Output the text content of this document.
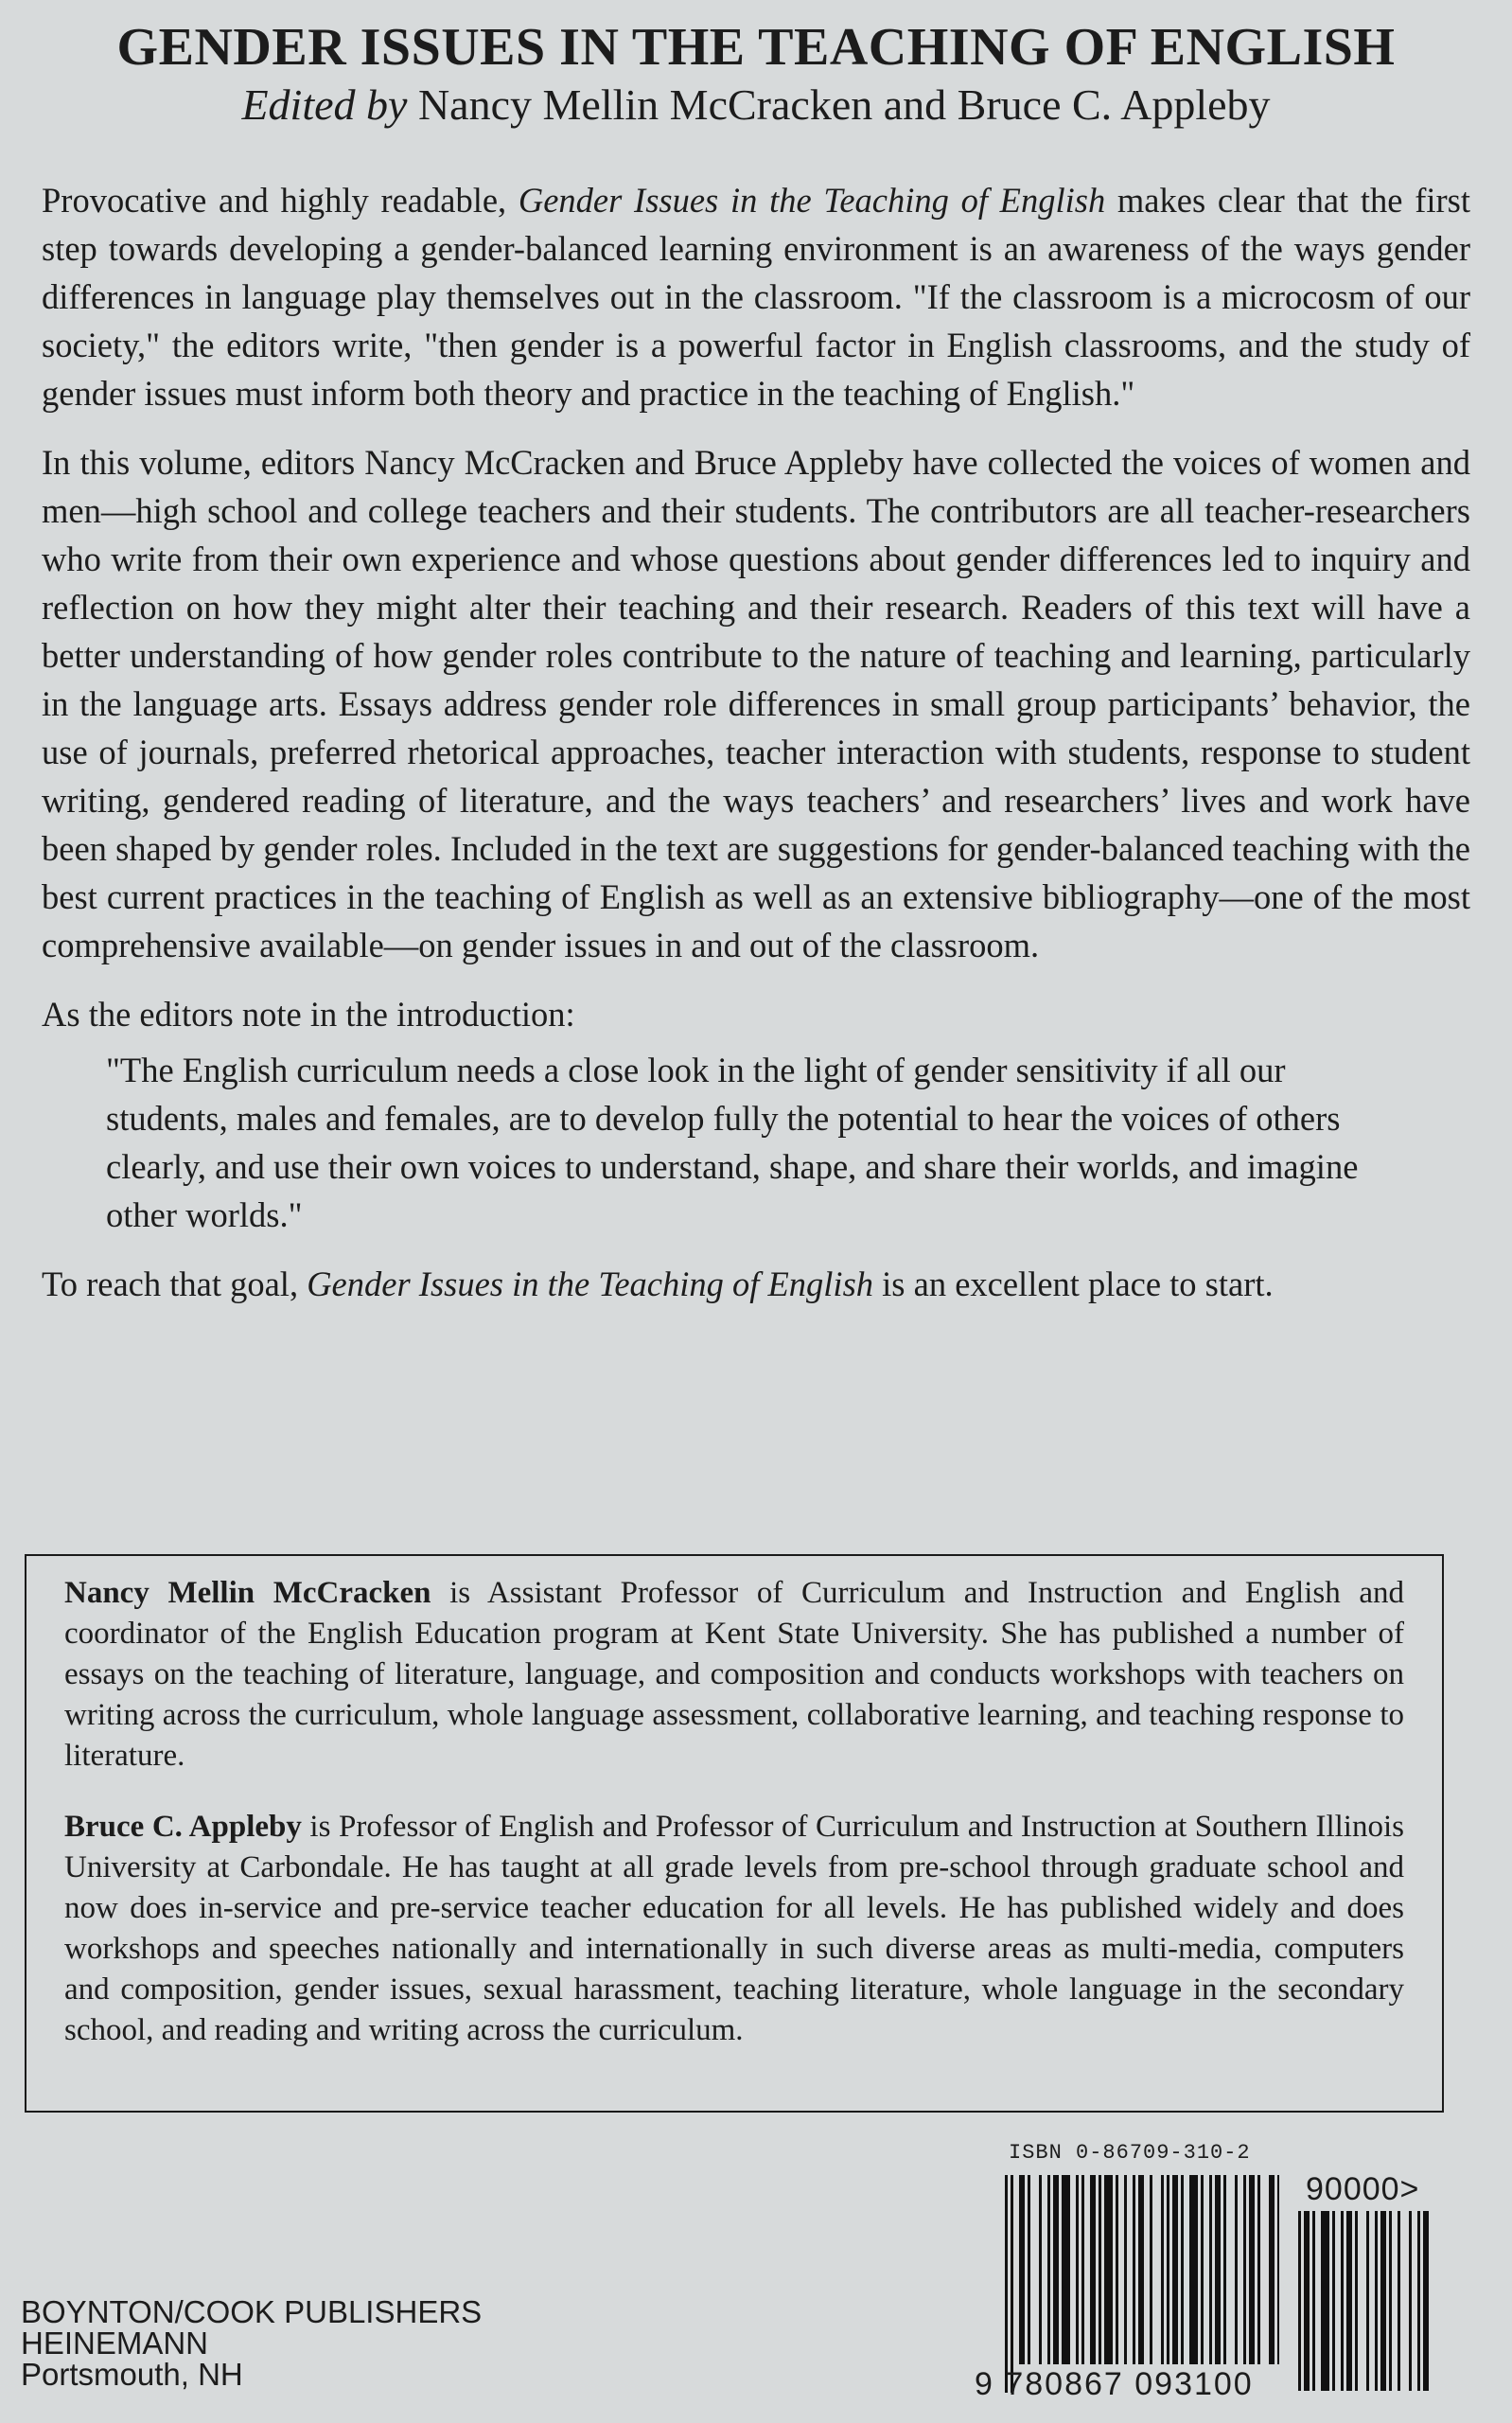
GENDER ISSUES IN THE TEACHING OF ENGLISH
Edited by Nancy Mellin McCracken and Bruce C. Appleby

Provocative and highly readable, Gender Issues in the Teaching of English makes clear that the first step towards developing a gender-balanced learning environment is an awareness of the ways gender differences in language play themselves out in the classroom. "If the classroom is a microcosm of our society," the editors write, "then gender is a powerful factor in English classrooms, and the study of gender issues must inform both theory and practice in the teaching of English."

In this volume, editors Nancy McCracken and Bruce Appleby have collected the voices of women and men—high school and college teachers and their students. The contributors are all teacher-researchers who write from their own experience and whose questions about gender differences led to inquiry and reflection on how they might alter their teaching and their research. Readers of this text will have a better understanding of how gender roles contribute to the nature of teaching and learning, particularly in the language arts. Essays address gender role differences in small group participants’ behavior, the use of journals, preferred rhetorical approaches, teacher interaction with students, response to student writing, gendered reading of literature, and the ways teachers’ and researchers’ lives and work have been shaped by gender roles. Included in the text are suggestions for gender-balanced teaching with the best current practices in the teaching of English as well as an extensive bibliography—one of the most comprehensive available—on gender issues in and out of the classroom.

As the editors note in the introduction:

"The English curriculum needs a close look in the light of gender sensitivity if all our students, males and females, are to develop fully the potential to hear the voices of others clearly, and use their own voices to understand, shape, and share their worlds, and imagine other worlds."

To reach that goal, Gender Issues in the Teaching of English is an excellent place to start.

Nancy Mellin McCracken is Assistant Professor of Curriculum and Instruction and English and coordinator of the English Education program at Kent State University. She has published a number of essays on the teaching of literature, language, and composition and conducts workshops with teachers on writing across the curriculum, whole language assessment, collaborative learning, and teaching response to literature.
Bruce C. Appleby is Professor of English and Professor of Curriculum and Instruction at Southern Illinois University at Carbondale. He has taught at all grade levels from pre-school through graduate school and now does in-service and pre-service teacher education for all levels. He has published widely and does workshops and speeches nationally and internationally in such diverse areas as multi-media, computers and composition, gender issues, sexual harassment, teaching literature, whole language in the secondary school, and reading and writing across the curriculum.
BOYNTON/COOK PUBLISHERS
HEINEMANN
Portsmouth, NH
ISBN 0-86709-310-2
90000>
9 780867 093100
